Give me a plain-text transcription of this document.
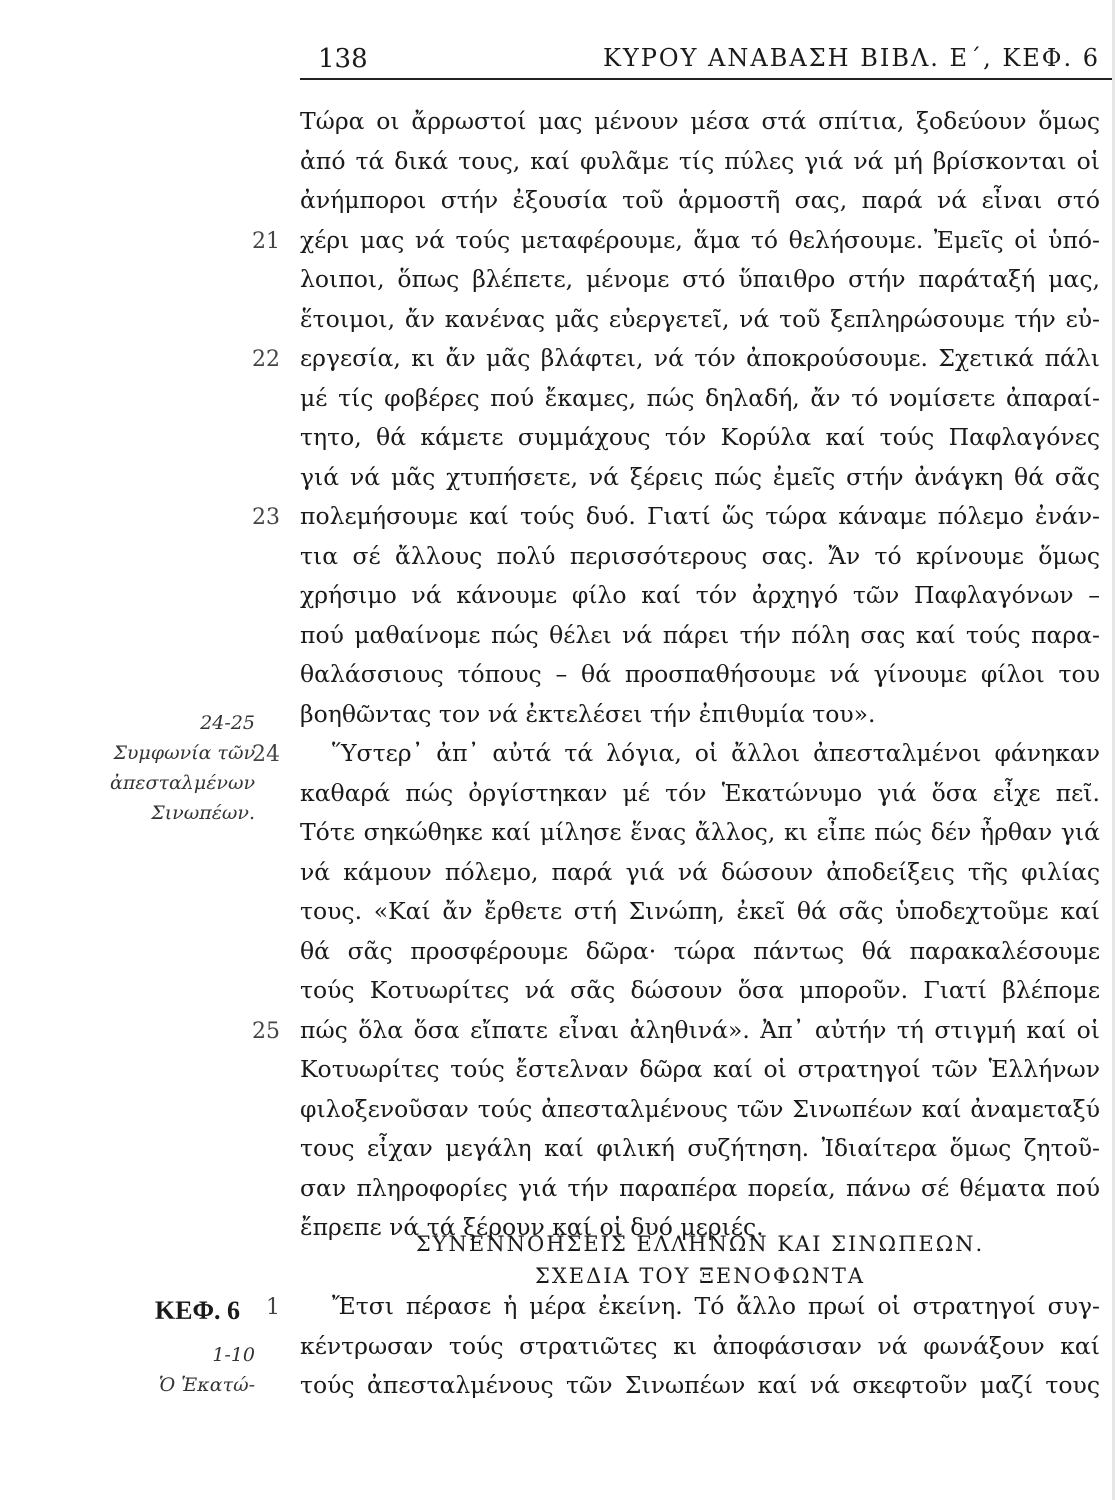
138	ΚΥΡΟΥ ΑΝΑΒΑΣΗ ΒΙΒΛ. Ε΄, ΚΕΦ. 6
Τώρα οι ἄρρωστοί μας μένουν μέσα στά σπίτια, ξοδεύουν ὅμως
ἀπό τά δικά τους, καί φυλᾶμε τίς πύλες γιά νά μή βρίσκονται οἱ
ἀνήμποροι στήν ἐξουσία τοῦ ἁρμοστῆ σας, παρά νά εἶναι στό
χέρι μας νά τούς μεταφέρουμε, ἅμα τό θελήσουμε. Ἐμεῖς οἱ ὑπό-
λοιποι, ὅπως βλέπετε, μένομε στό ὕπαιθρο στήν παράταξή μας,
ἕτοιμοι, ἄν κανένας μᾶς εὐεργετεῖ, νά τοῦ ξεπληρώσουμε τήν εὐ-
εργεσία, κι ἄν μᾶς βλάφτει, νά τόν ἀποκρούσουμε. Σχετικά πάλι
μέ τίς φοβέρες πού ἔκαμες, πώς δηλαδή, ἄν τό νομίσετε ἀπαραί-
τητο, θά κάμετε συμμάχους τόν Κορύλα καί τούς Παφλαγόνες
γιά νά μᾶς χτυπήσετε, νά ξέρεις πώς ἐμεῖς στήν ἀνάγκη θά σᾶς
πολεμήσουμε καί τούς δυό. Γιατί ὥς τώρα κάναμε πόλεμο ἐνάν-
τια σέ ἄλλους πολύ περισσότερους σας. Ἄν τό κρίνουμε ὅμως
χρήσιμο νά κάνουμε φίλο καί τόν ἀρχηγό τῶν Παφλαγόνων –
πού μαθαίνομε πώς θέλει νά πάρει τήν πόλη σας καί τούς παρα-
θαλάσσιους τόπους – θά προσπαθήσουμε νά γίνουμε φίλοι του
βοηθῶντας τον νά ἐκτελέσει τήν ἐπιθυμία του».
Ὕστερ᾿ ἀπ᾿ αὐτά τά λόγια, οἱ ἄλλοι ἀπεσταλμένοι φάνηκαν
καθαρά πώς ὀργίστηκαν μέ τόν Ἑκατώνυμο γιά ὅσα εἶχε πεῖ.
Τότε σηκώθηκε καί μίλησε ἕνας ἄλλος, κι εἶπε πώς δέν ἦρθαν γιά
νά κάμουν πόλεμο, παρά γιά νά δώσουν ἀποδείξεις τῆς φιλίας
τους. «Καί ἄν ἔρθετε στή Σινώπη, ἐκεῖ θά σᾶς ὑποδεχτοῦμε καί
θά σᾶς προσφέρουμε δῶρα· τώρα πάντως θά παρακαλέσουμε
τούς Κοτυωρίτες νά σᾶς δώσουν ὅσα μποροῦν. Γιατί βλέπομε
πώς ὅλα ὅσα εἴπατε εἶναι ἀληθινά». Ἀπ᾿ αὐτήν τή στιγμή καί οἱ
Κοτυωρίτες τούς ἔστελναν δῶρα καί οἱ στρατηγοί τῶν Ἑλλήνων
φιλοξενοῦσαν τούς ἀπεσταλμένους τῶν Σινωπέων καί ἀναμεταξύ
τους εἶχαν μεγάλη καί φιλική συζήτηση. Ἰδιαίτερα ὅμως ζητοῦ-
σαν πληροφορίες γιά τήν παραπέρα πορεία, πάνω σέ θέματα πού
ἔπρεπε νά τά ξέρουν καί οἱ δυό μεριές.
Ἔτσι πέρασε ἡ μέρα ἐκείνη. Τό ἄλλο πρωί οἱ στρατηγοί συγ-
κέντρωσαν τούς στρατιῶτες κι ἀποφάσισαν νά φωνάξουν καί
τούς ἀπεσταλμένους τῶν Σινωπέων καί νά σκεφτοῦν μαζί τους
21
22
23
24
25
1
24-25
Συμφωνία τῶν
ἀπεσταλμένων
Σινωπέων.
ΣΥΝΕΝΝΟΗΣΕΙΣ ΕΛΛΗΝΩΝ ΚΑΙ ΣΙΝΩΠΕΩΝ.
ΣΧΕΔΙΑ ΤΟΥ ΞΕΝΟΦΩΝΤΑ
ΚΕΦ. 6
1-10
Ὁ Ἑκατώ-
